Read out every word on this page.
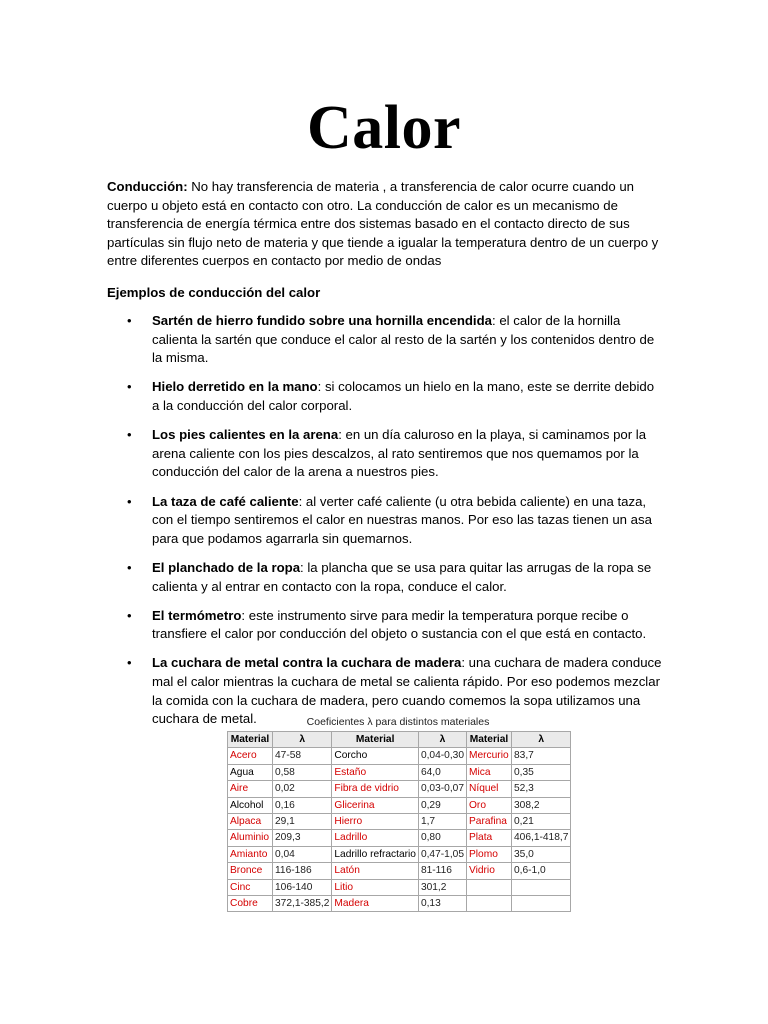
Calor

Conducción: No hay transferencia de materia , a transferencia de calor ocurre cuando un cuerpo u objeto está en contacto con otro. La conducción de calor es un mecanismo de transferencia de energía térmica entre dos sistemas basado en el contacto directo de sus partículas sin flujo neto de materia y que tiende a igualar la temperatura dentro de un cuerpo y entre diferentes cuerpos en contacto por medio de ondas

Ejemplos de conducción del calor

• Sartén de hierro fundido sobre una hornilla encendida: el calor de la hornilla calienta la sartén que conduce el calor al resto de la sartén y los contenidos dentro de la misma.
• Hielo derretido en la mano: si colocamos un hielo en la mano, este se derrite debido a la conducción del calor corporal.
• Los pies calientes en la arena: en un día caluroso en la playa, si caminamos por la arena caliente con los pies descalzos, al rato sentiremos que nos quemamos por la conducción del calor de la arena a nuestros pies.
• La taza de café caliente: al verter café caliente (u otra bebida caliente) en una taza, con el tiempo sentiremos el calor en nuestras manos. Por eso las tazas tienen un asa para que podamos agarrarla sin quemarnos.
• El planchado de la ropa: la plancha que se usa para quitar las arrugas de la ropa se calienta y al entrar en contacto con la ropa, conduce el calor.
• El termómetro: este instrumento sirve para medir la temperatura porque recibe o transfiere el calor por conducción del objeto o sustancia con el que está en contacto.
• La cuchara de metal contra la cuchara de madera: una cuchara de madera conduce mal el calor mientras la cuchara de metal se calienta rápido. Por eso podemos mezclar la comida con la cuchara de madera, pero cuando comemos la sopa utilizamos una cuchara de metal.	Coeficientes λ para distintos materiales
Material	λ	Material	λ	Material	λ
Acero	47-58	Corcho	0,04-0,30	Mercurio	83,7
Agua	0,58	Estaño	64,0	Mica	0,35
Aire	0,02	Fibra de vidrio	0,03-0,07	Níquel	52,3
Alcohol	0,16	Glicerina	0,29	Oro	308,2
Alpaca	29,1	Hierro	1,7	Parafina	0,21
Aluminio	209,3	Ladrillo	0,80	Plata	406,1-418,7
Amianto	0,04	Ladrillo refractario	0,47-1,05	Plomo	35,0
Bronce	116-186	Latón	81-116	Vidrio	0,6-1,0
Cinc	106-140	Litio	301,2		
Cobre	372,1-385,2	Madera	0,13		
